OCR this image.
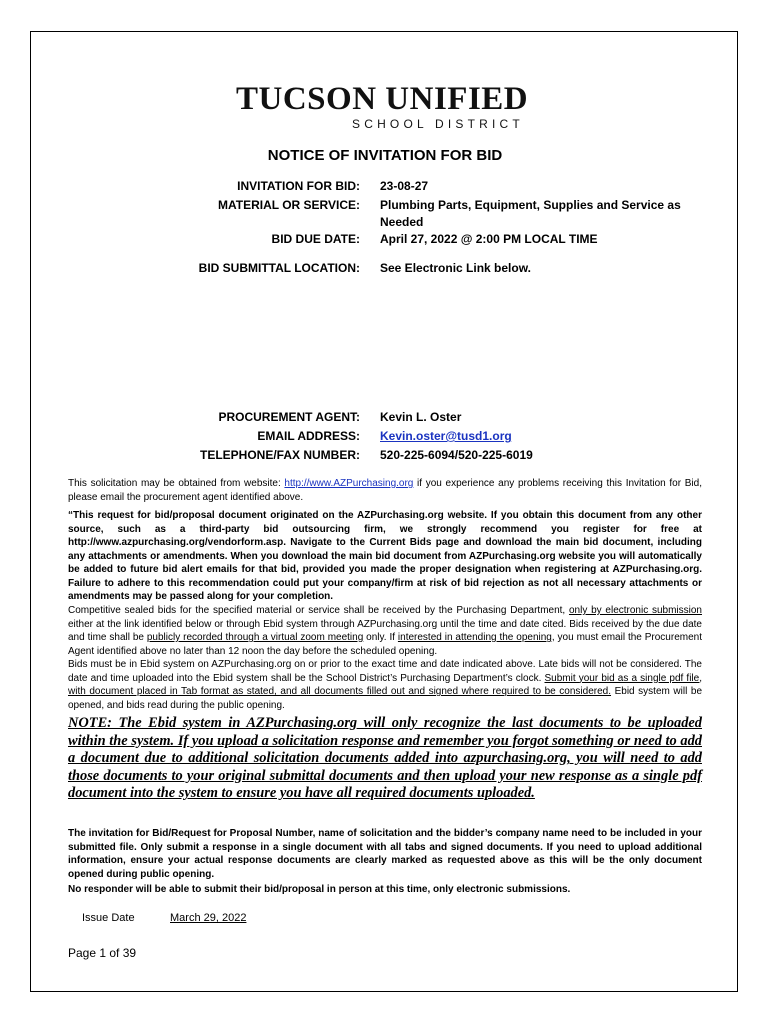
TUCSON UNIFIED
SCHOOL DISTRICT
NOTICE OF INVITATION FOR BID
INVITATION FOR BID: 23-08-27
MATERIAL OR SERVICE: Plumbing Parts, Equipment, Supplies and Service as
Needed
BID DUE DATE: April 27, 2022 @ 2:00 PM LOCAL TIME
BID SUBMITTAL LOCATION: See Electronic Link below.
PROCUREMENT AGENT: Kevin L. Oster
EMAIL ADDRESS: Kevin.oster@tusd1.org
TELEPHONE/FAX NUMBER: 520-225-6094/520-225-6019
This solicitation may be obtained from website: http://www.AZPurchasing.org if you experience any problems receiving this Invitation for Bid, please email the procurement agent identified above.
“This request for bid/proposal document originated on the AZPurchasing.org website. If you obtain this document from any other source, such as a third-party bid outsourcing firm, we strongly recommend you register for free at http://www.azpurchasing.org/vendorform.asp. Navigate to the Current Bids page and download the main bid document, including any attachments or amendments. When you download the main bid document from AZPurchasing.org website you will automatically be added to future bid alert emails for that bid, provided you made the proper designation when registering at AZPurchasing.org. Failure to adhere to this recommendation could put your company/firm at risk of bid rejection as not all necessary attachments or amendments may be passed along for your completion.
Competitive sealed bids for the specified material or service shall be received by the Purchasing Department, only by electronic submission either at the link identified below or through Ebid system through AZPurchasing.org until the time and date cited. Bids received by the due date and time shall be publicly recorded through a virtual zoom meeting only. If interested in attending the opening, you must email the Procurement Agent identified above no later than 12 noon the day before the scheduled opening.
Bids must be in Ebid system on AZPurchasing.org on or prior to the exact time and date indicated above. Late bids will not be considered. The date and time uploaded into the Ebid system shall be the School District’s Purchasing Department’s clock. Submit your bid as a single pdf file, with document placed in Tab format as stated, and all documents filled out and signed where required to be considered. Ebid system will be opened, and bids read during the public opening.
NOTE: The Ebid system in AZPurchasing.org will only recognize the last documents to be uploaded within the system. If you upload a solicitation response and remember you forgot something or need to add a document due to additional solicitation documents added into azpurchasing.org, you will need to add those documents to your original submittal documents and then upload your new response as a single pdf document into the system to ensure you have all required documents uploaded.
The invitation for Bid/Request for Proposal Number, name of solicitation and the bidder’s company name need to be included in your submitted file. Only submit a response in a single document with all tabs and signed documents. If you need to upload additional information, ensure your actual response documents are clearly marked as requested above as this will be the only document opened during public opening.
No responder will be able to submit their bid/proposal in person at this time, only electronic submissions.
Issue Date	March 29, 2022
Page 1 of 39
